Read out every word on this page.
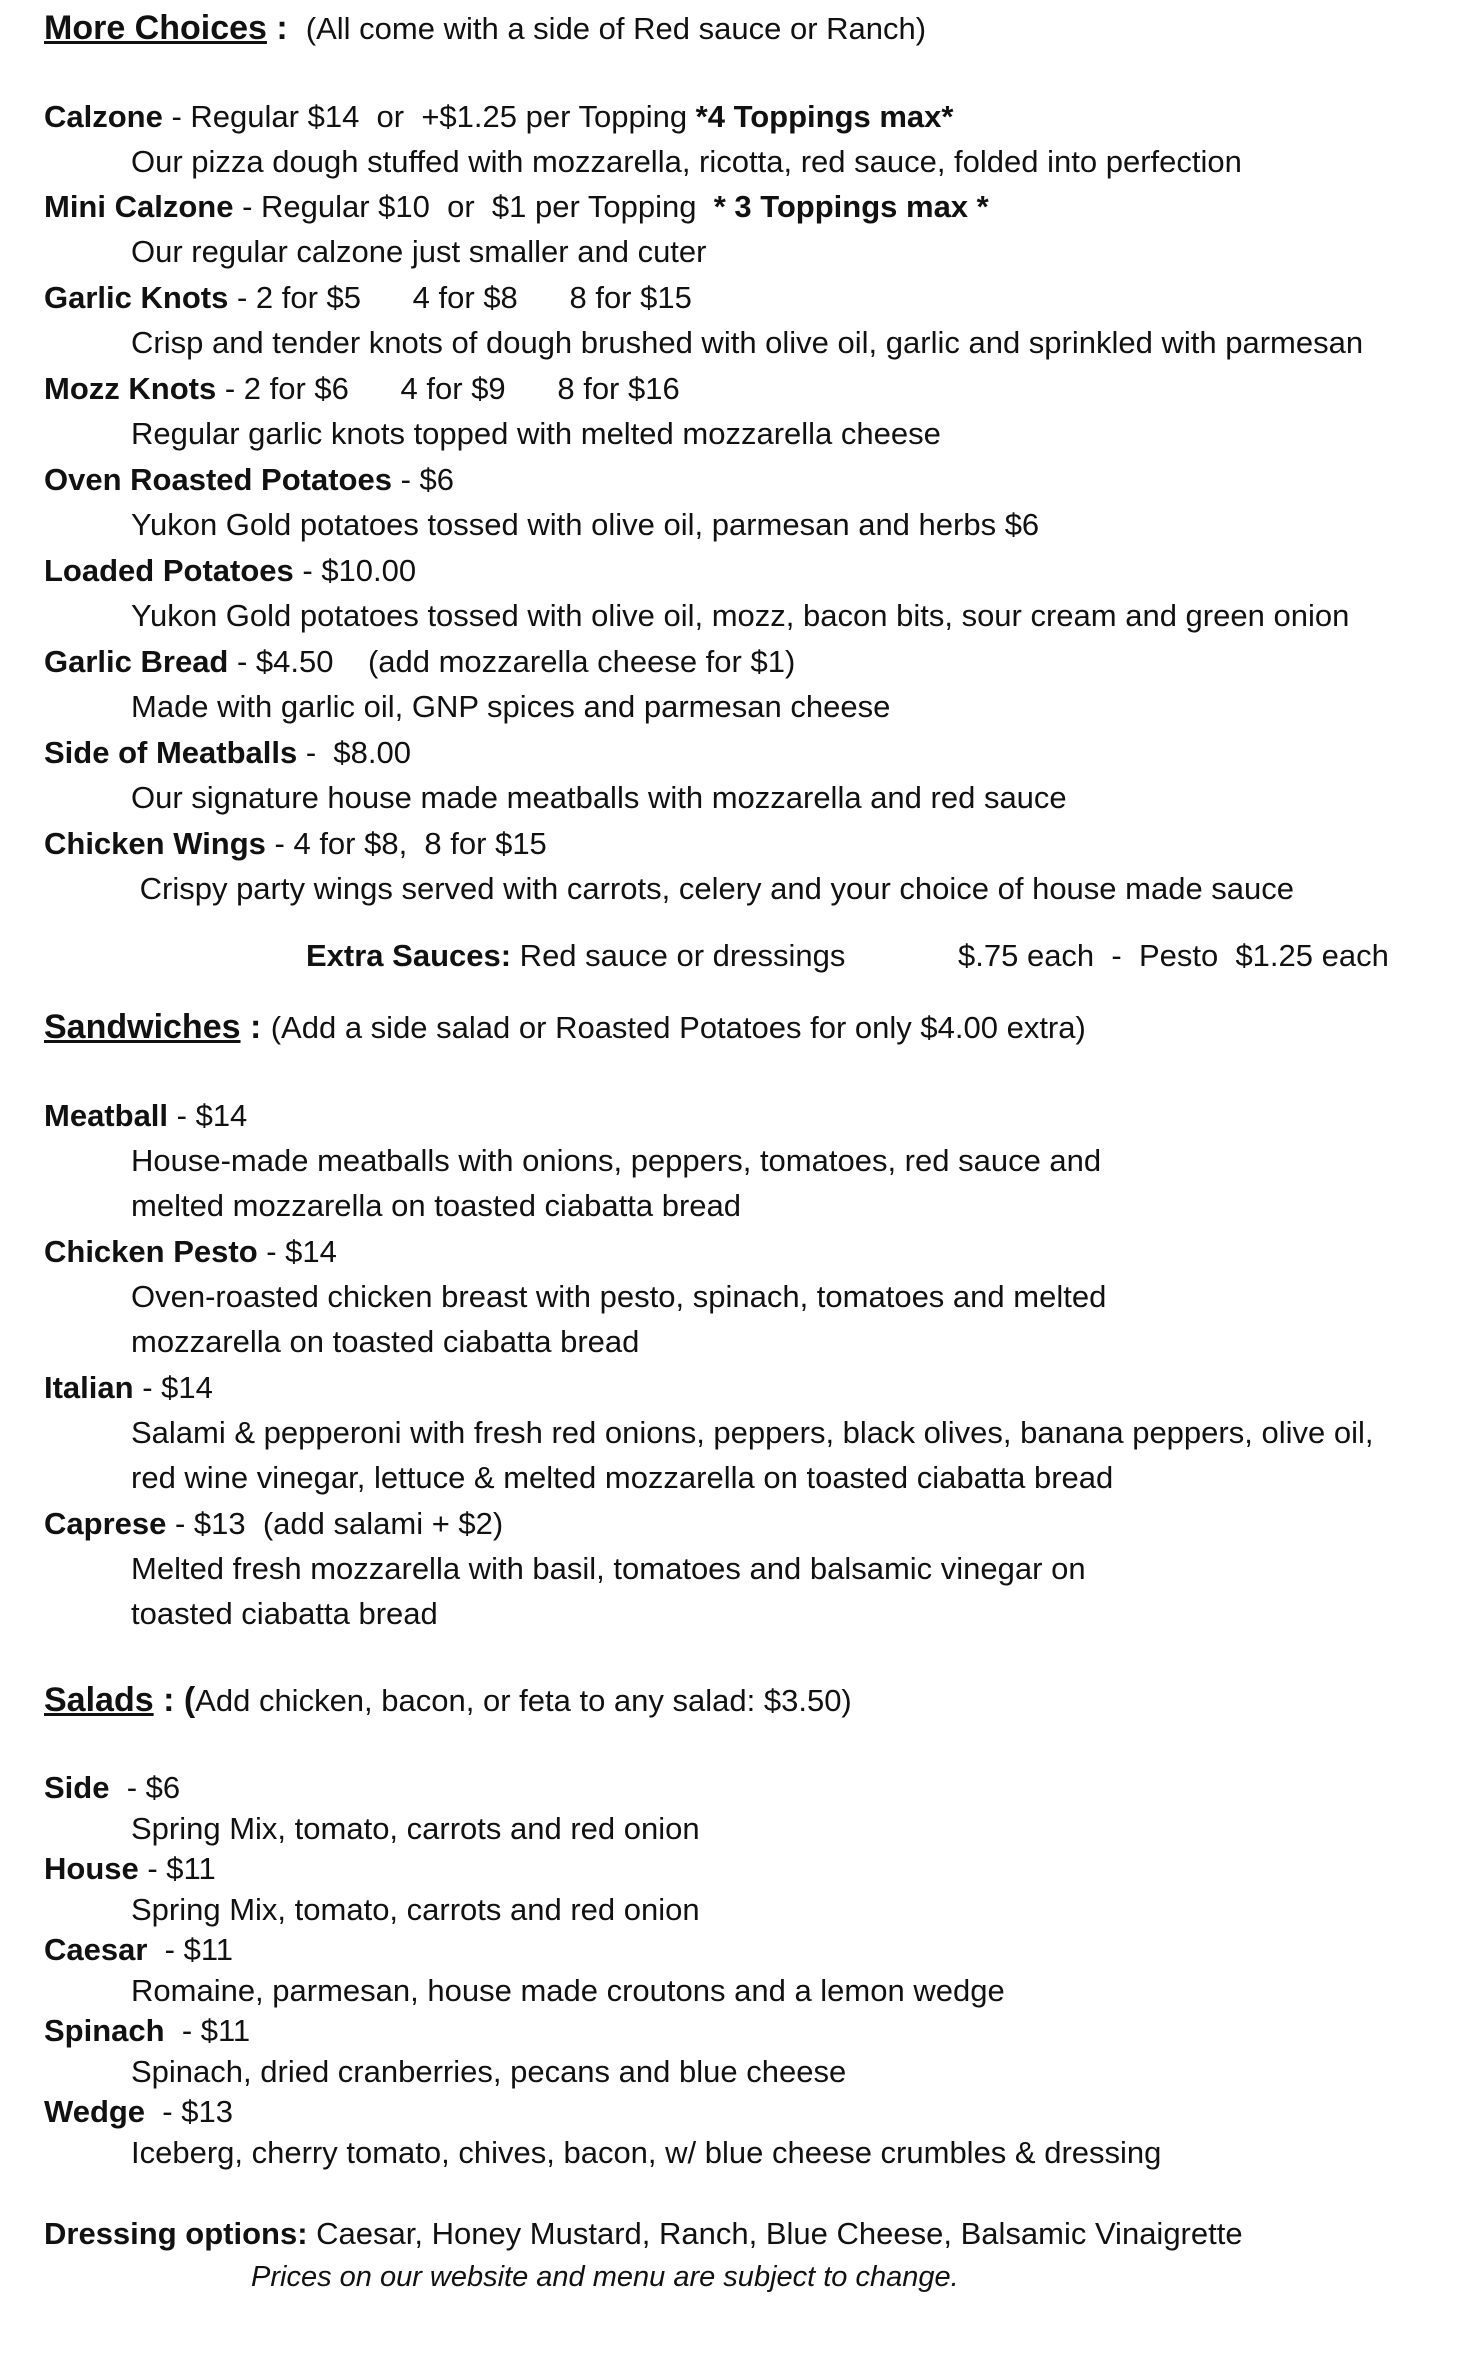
More Choices :  (All come with a side of Red sauce or Ranch)
Calzone - Regular $14  or  +$1.25 per Topping *4 Toppings max*
Our pizza dough stuffed with mozzarella, ricotta, red sauce, folded into perfection
Mini Calzone - Regular $10  or  $1 per Topping  * 3 Toppings max *
Our regular calzone just smaller and cuter
Garlic Knots - 2 for $5      4 for $8      8 for $15
Crisp and tender knots of dough brushed with olive oil, garlic and sprinkled with parmesan
Mozz Knots - 2 for $6      4 for $9      8 for $16
Regular garlic knots topped with melted mozzarella cheese
Oven Roasted Potatoes - $6
Yukon Gold potatoes tossed with olive oil, parmesan and herbs $6
Loaded Potatoes - $10.00
Yukon Gold potatoes tossed with olive oil, mozz, bacon bits, sour cream and green onion
Garlic Bread - $4.50    (add mozzarella cheese for $1)
Made with garlic oil, GNP spices and parmesan cheese
Side of Meatballs -  $8.00
Our signature house made meatballs with mozzarella and red sauce
Chicken Wings - 4 for $8,  8 for $15
Crispy party wings served with carrots, celery and your choice of house made sauce
Extra Sauces: Red sauce or dressings	$.75 each  -  Pesto  $1.25 each
Sandwiches : (Add a side salad or Roasted Potatoes for only $4.00 extra)
Meatball - $14
House-made meatballs with onions, peppers, tomatoes, red sauce and
melted mozzarella on toasted ciabatta bread
Chicken Pesto - $14
Oven-roasted chicken breast with pesto, spinach, tomatoes and melted
mozzarella on toasted ciabatta bread
Italian - $14
Salami & pepperoni with fresh red onions, peppers, black olives, banana peppers, olive oil,
red wine vinegar, lettuce & melted mozzarella on toasted ciabatta bread
Caprese - $13  (add salami + $2)
Melted fresh mozzarella with basil, tomatoes and balsamic vinegar on
toasted ciabatta bread
Salads : (Add chicken, bacon, or feta to any salad: $3.50)
Side  - $6
Spring Mix, tomato, carrots and red onion
House - $11
Spring Mix, tomato, carrots and red onion
Caesar  - $11
Romaine, parmesan, house made croutons and a lemon wedge
Spinach  - $11
Spinach, dried cranberries, pecans and blue cheese
Wedge  - $13
Iceberg, cherry tomato, chives, bacon, w/ blue cheese crumbles & dressing
Dressing options: Caesar, Honey Mustard, Ranch, Blue Cheese, Balsamic Vinaigrette
Prices on our website and menu are subject to change.
